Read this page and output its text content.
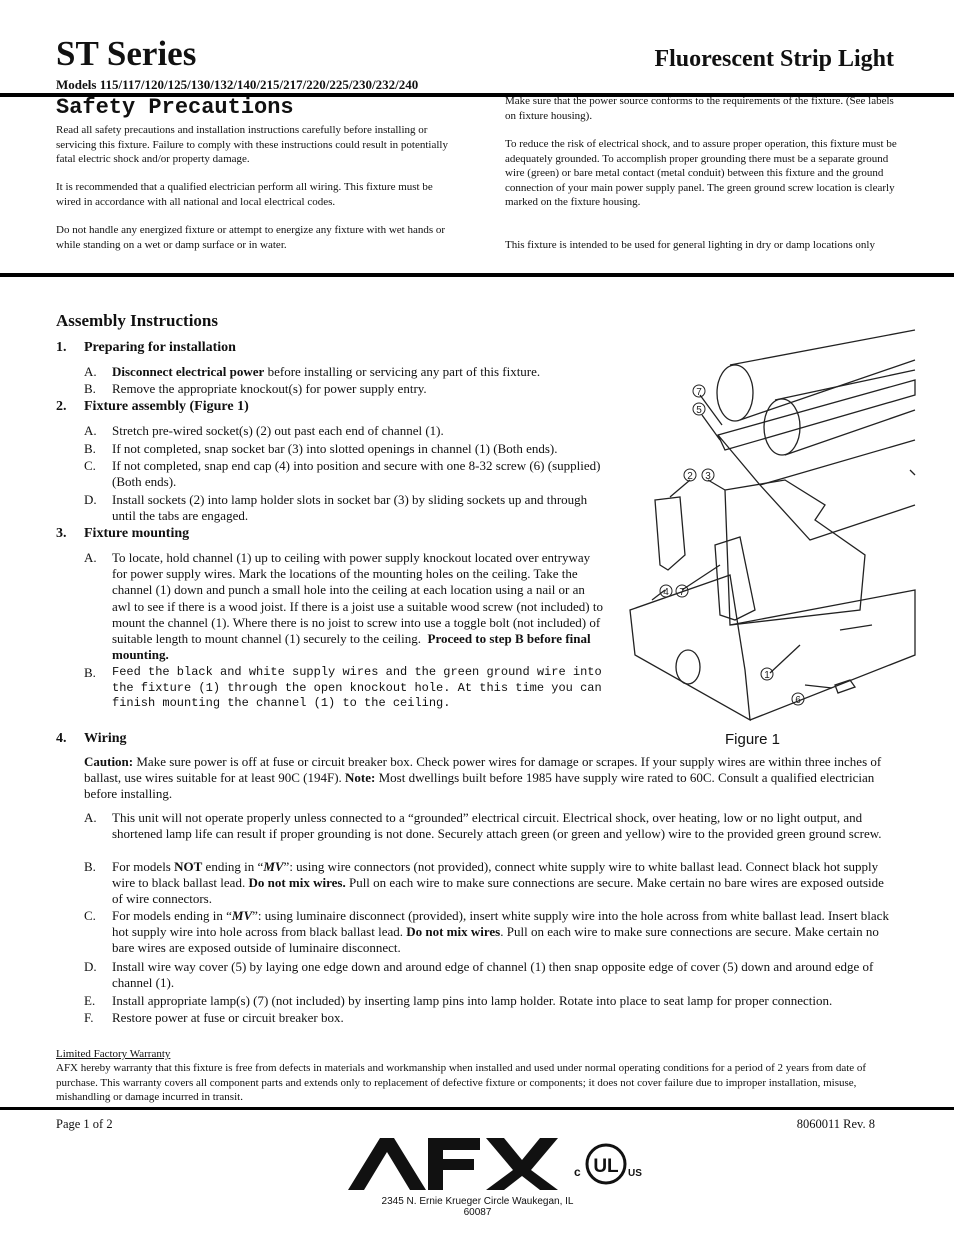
ST Series	Fluorescent Strip Light
Models 115/117/120/125/130/132/140/215/217/220/225/230/232/240
Safety Precautions
Read all safety precautions and installation instructions carefully before installing or servicing this fixture. Failure to comply with these instructions could result in potentially fatal electric shock and/or property damage.
It is recommended that a qualified electrician perform all wiring. This fixture must be wired in accordance with all national and local electrical codes.
Do not handle any energized fixture or attempt to energize any fixture with wet hands or while standing on a wet or damp surface or in water.
Make sure that the power source conforms to the requirements of the fixture. (See labels on fixture housing).
To reduce the risk of electrical shock, and to assure proper operation, this fixture must be adequately grounded. To accomplish proper grounding there must be a separate ground wire (green) or bare metal contact (metal conduit) between this fixture and the ground connection of your main power supply panel. The green ground screw location is clearly marked on the fixture housing.
This fixture is intended to be used for general lighting in dry or damp locations only
Assembly Instructions
1. Preparing for installation
A.	Disconnect electrical power before installing or servicing any part of this fixture.
B.	Remove the appropriate knockout(s) for power supply entry.
2. Fixture assembly (Figure 1)
A.	Stretch pre-wired socket(s) (2) out past each end of channel (1).
B.	If not completed, snap socket bar (3) into slotted openings in channel (1) (Both ends).
C.	If not completed, snap end cap (4) into position and secure with one 8-32 screw (6) (supplied) (Both ends).
D.	Install sockets (2) into lamp holder slots in socket bar (3) by sliding sockets up and through until the tabs are engaged.
3. Fixture mounting
A.	To locate, hold channel (1) up to ceiling with power supply knockout located over entryway for power supply wires. Mark the locations of the mounting holes on the ceiling. Take the channel (1) down and punch a small hole into the ceiling at each location using a nail or an awl to see if there is a wood joist. If there is a joist use a suitable wood screw (not included) to mount the channel (1). Where there is no joist to screw into use a toggle bolt (not included) of suitable length to mount channel (1) securely to the ceiling. Proceed to step B before final mounting.
B.	Feed the black and white supply wires and the green ground wire into the fixture (1) through the open knockout hole. At this time you can finish mounting the channel (1) to the ceiling.
4. Wiring
Caution: Make sure power is off at fuse or circuit breaker box. Check power wires for damage or scrapes. If your supply wires are within three inches of ballast, use wires suitable for at least 90C (194F). Note: Most dwellings built before 1985 have supply wire rated to 60C. Consult a qualified electrician before installing.
A.	This unit will not operate properly unless connected to a “grounded” electrical circuit. Electrical shock, over heating, low or no light output, and shortened lamp life can result if proper grounding is not done. Securely attach green (or green and yellow) wire to the provided green ground screw.
B.	For models NOT ending in “MV”: using wire connectors (not provided), connect white supply wire to white ballast lead. Connect black hot supply wire to black ballast lead. Do not mix wires. Pull on each wire to make sure connections are secure. Make certain no bare wires are exposed outside of wire connectors.
C.	For models ending in “MV”: using luminaire disconnect (provided), insert white supply wire into the hole across from white ballast lead. Insert black hot supply wire into hole across from black ballast lead. Do not mix wires. Pull on each wire to make sure connections are secure. Make certain no bare wires are exposed outside of luminaire disconnect.
D.	Install wire way cover (5) by laying one edge down and around edge of channel (1) then snap opposite edge of cover (5) down and around edge of channel (1).
E.	Install appropriate lamp(s) (7) (not included) by inserting lamp pins into lamp holder. Rotate into place to seat lamp for proper connection.
F.	Restore power at fuse or circuit breaker box.
7
5
2 3
4 7
1
6
Figure 1
Limited Factory Warranty
AFX hereby warranty that this fixture is free from defects in materials and workmanship when installed and used under normal operating conditions for a period of 2 years from date of purchase. This warranty covers all component parts and extends only to replacement of defective fixture or components; it does not cover failure due to improper installation, misuse, mishandling or damage incurred in transit.
Page 1 of 2	8060011 Rev. 8
UL
c	US
2345 N. Ernie Krueger Circle Waukegan, IL 60087
